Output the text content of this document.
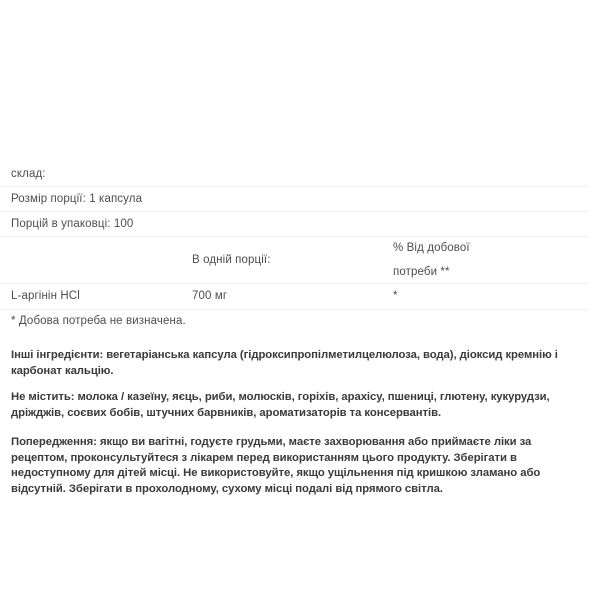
склад:		
Розмір порції: 1 капсула		
Порцій в упаковці: 100		
	В одній порції:	% Від добової
потреби **

L-аргінін HCl	700 мг	*
* Добова потреба не визначена.		

Інші інгредієнти: вегетаріанська капсула (гідроксипропілметилцелюлоза, вода), діоксид кремнію і карбонат кальцію.

Не містить: молока / казеїну, яєць, риби, молюсків, горіхів, арахісу, пшениці, глютену, кукурудзи, дріжджів, соєвих бобів, штучних барвників, ароматизаторів та консервантів.

Попередження: якщо ви вагітні, годуєте грудьми, маєте захворювання або приймаєте ліки за рецептом, проконсультуйтеся з лікарем перед використанням цього продукту. Зберігати в недоступному для дітей місці. Не використовуйте, якщо ущільнення під кришкою зламано або відсутній. Зберігати в прохолодному, сухому місці подалі від прямого світла.
